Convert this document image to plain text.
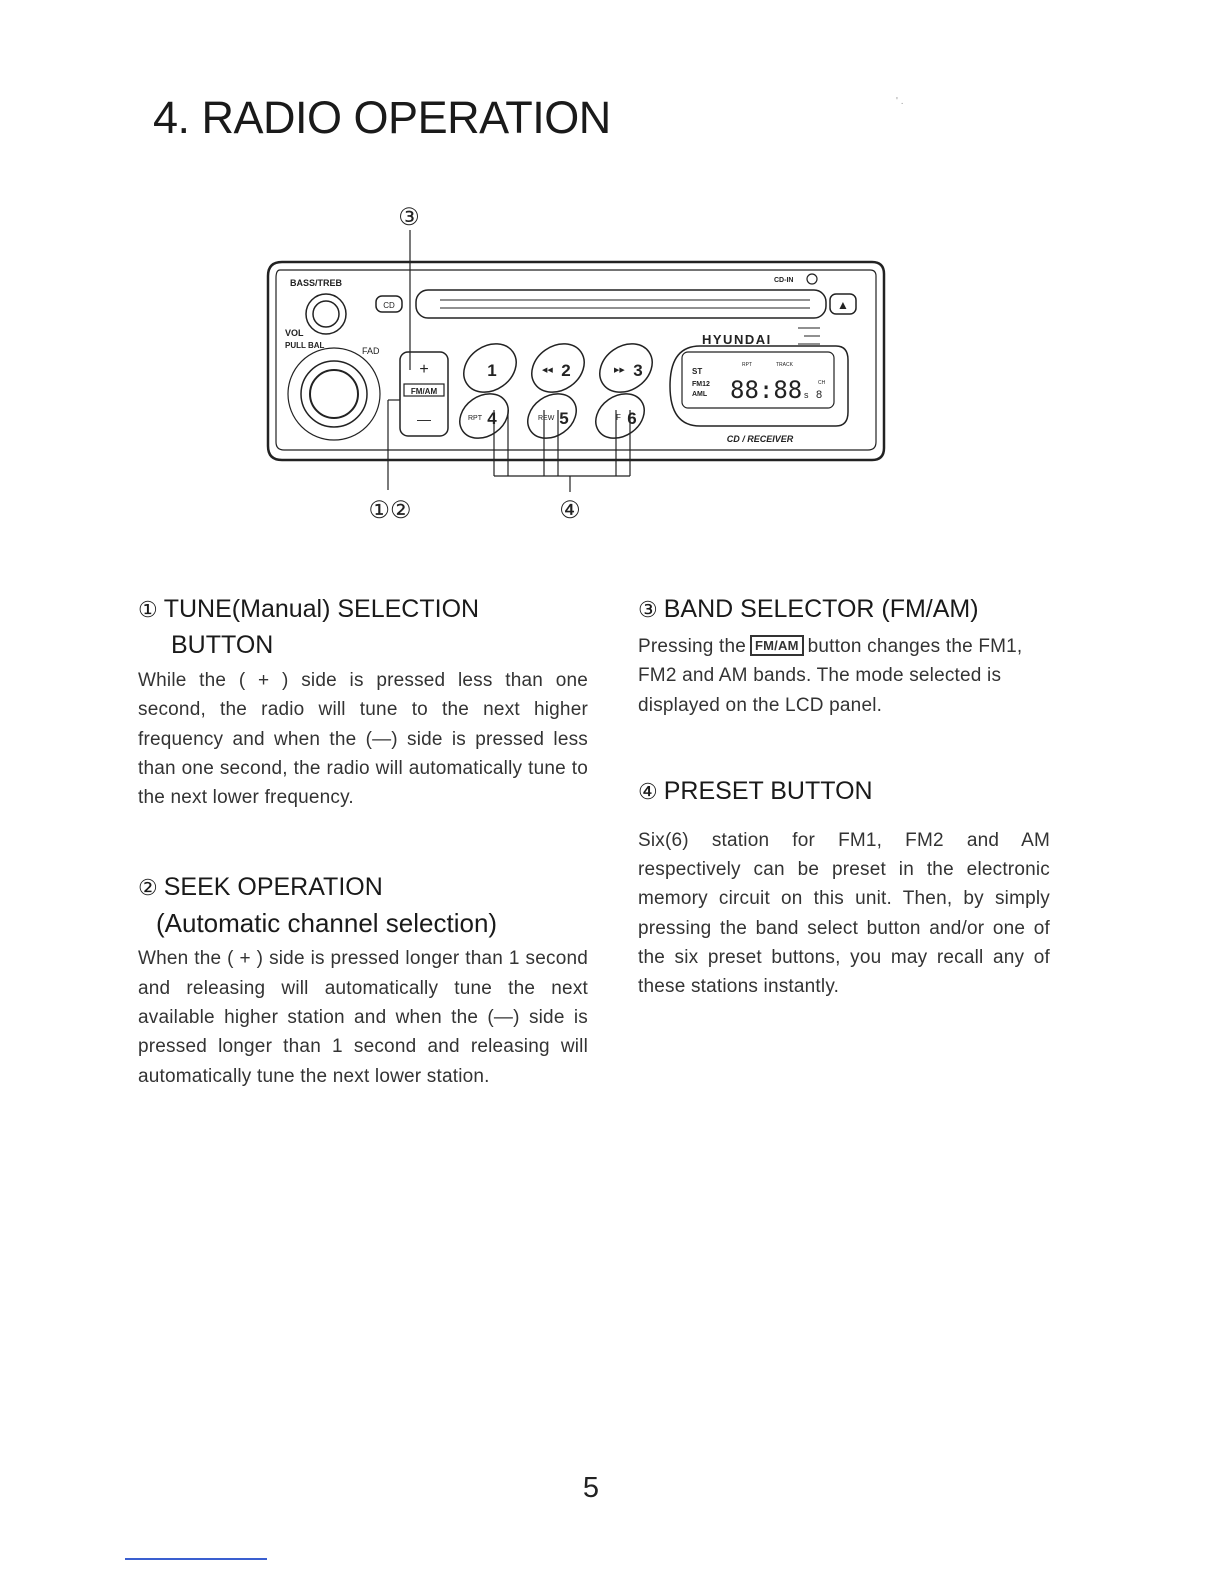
4. RADIO OPERATION	' .
③
①②	④
BASS/TREB
VOL
PULL BAL
FAD
CD
CD-IN
▲
HYUNDAI
+
FM/AM
—
1	◀◀ 2	▶▶ 3
RPT 4	REW 5	F 6
ST
RPT	TRACK
FM12
AML 88:88 s
CH
8
CD / RECEIVER
① TUNE(Manual) SELECTION
BUTTON

While the ( + ) side is pressed less than one second, the radio will tune to the next higher frequency and when the (—) side is pressed less than one second, the radio will automatically tune to the next lower frequency.

② SEEK OPERATION
(Automatic channel selection)

When the ( + ) side is pressed longer than 1 second and releasing will automatically tune the next available higher station and when the (—) side is pressed longer than 1 second and releasing will automatically tune the next lower station.

③ BAND SELECTOR (FM/AM)

Pressing the FM/AM button changes the FM1, FM2 and AM bands. The mode selected is displayed on the LCD panel.

④ PRESET BUTTON

Six(6) station for FM1, FM2 and AM respectively can be preset in the electronic memory circuit on this unit. Then, by simply pressing the band select button and/or one of the six preset buttons, you may recall any of these stations instantly.

5
